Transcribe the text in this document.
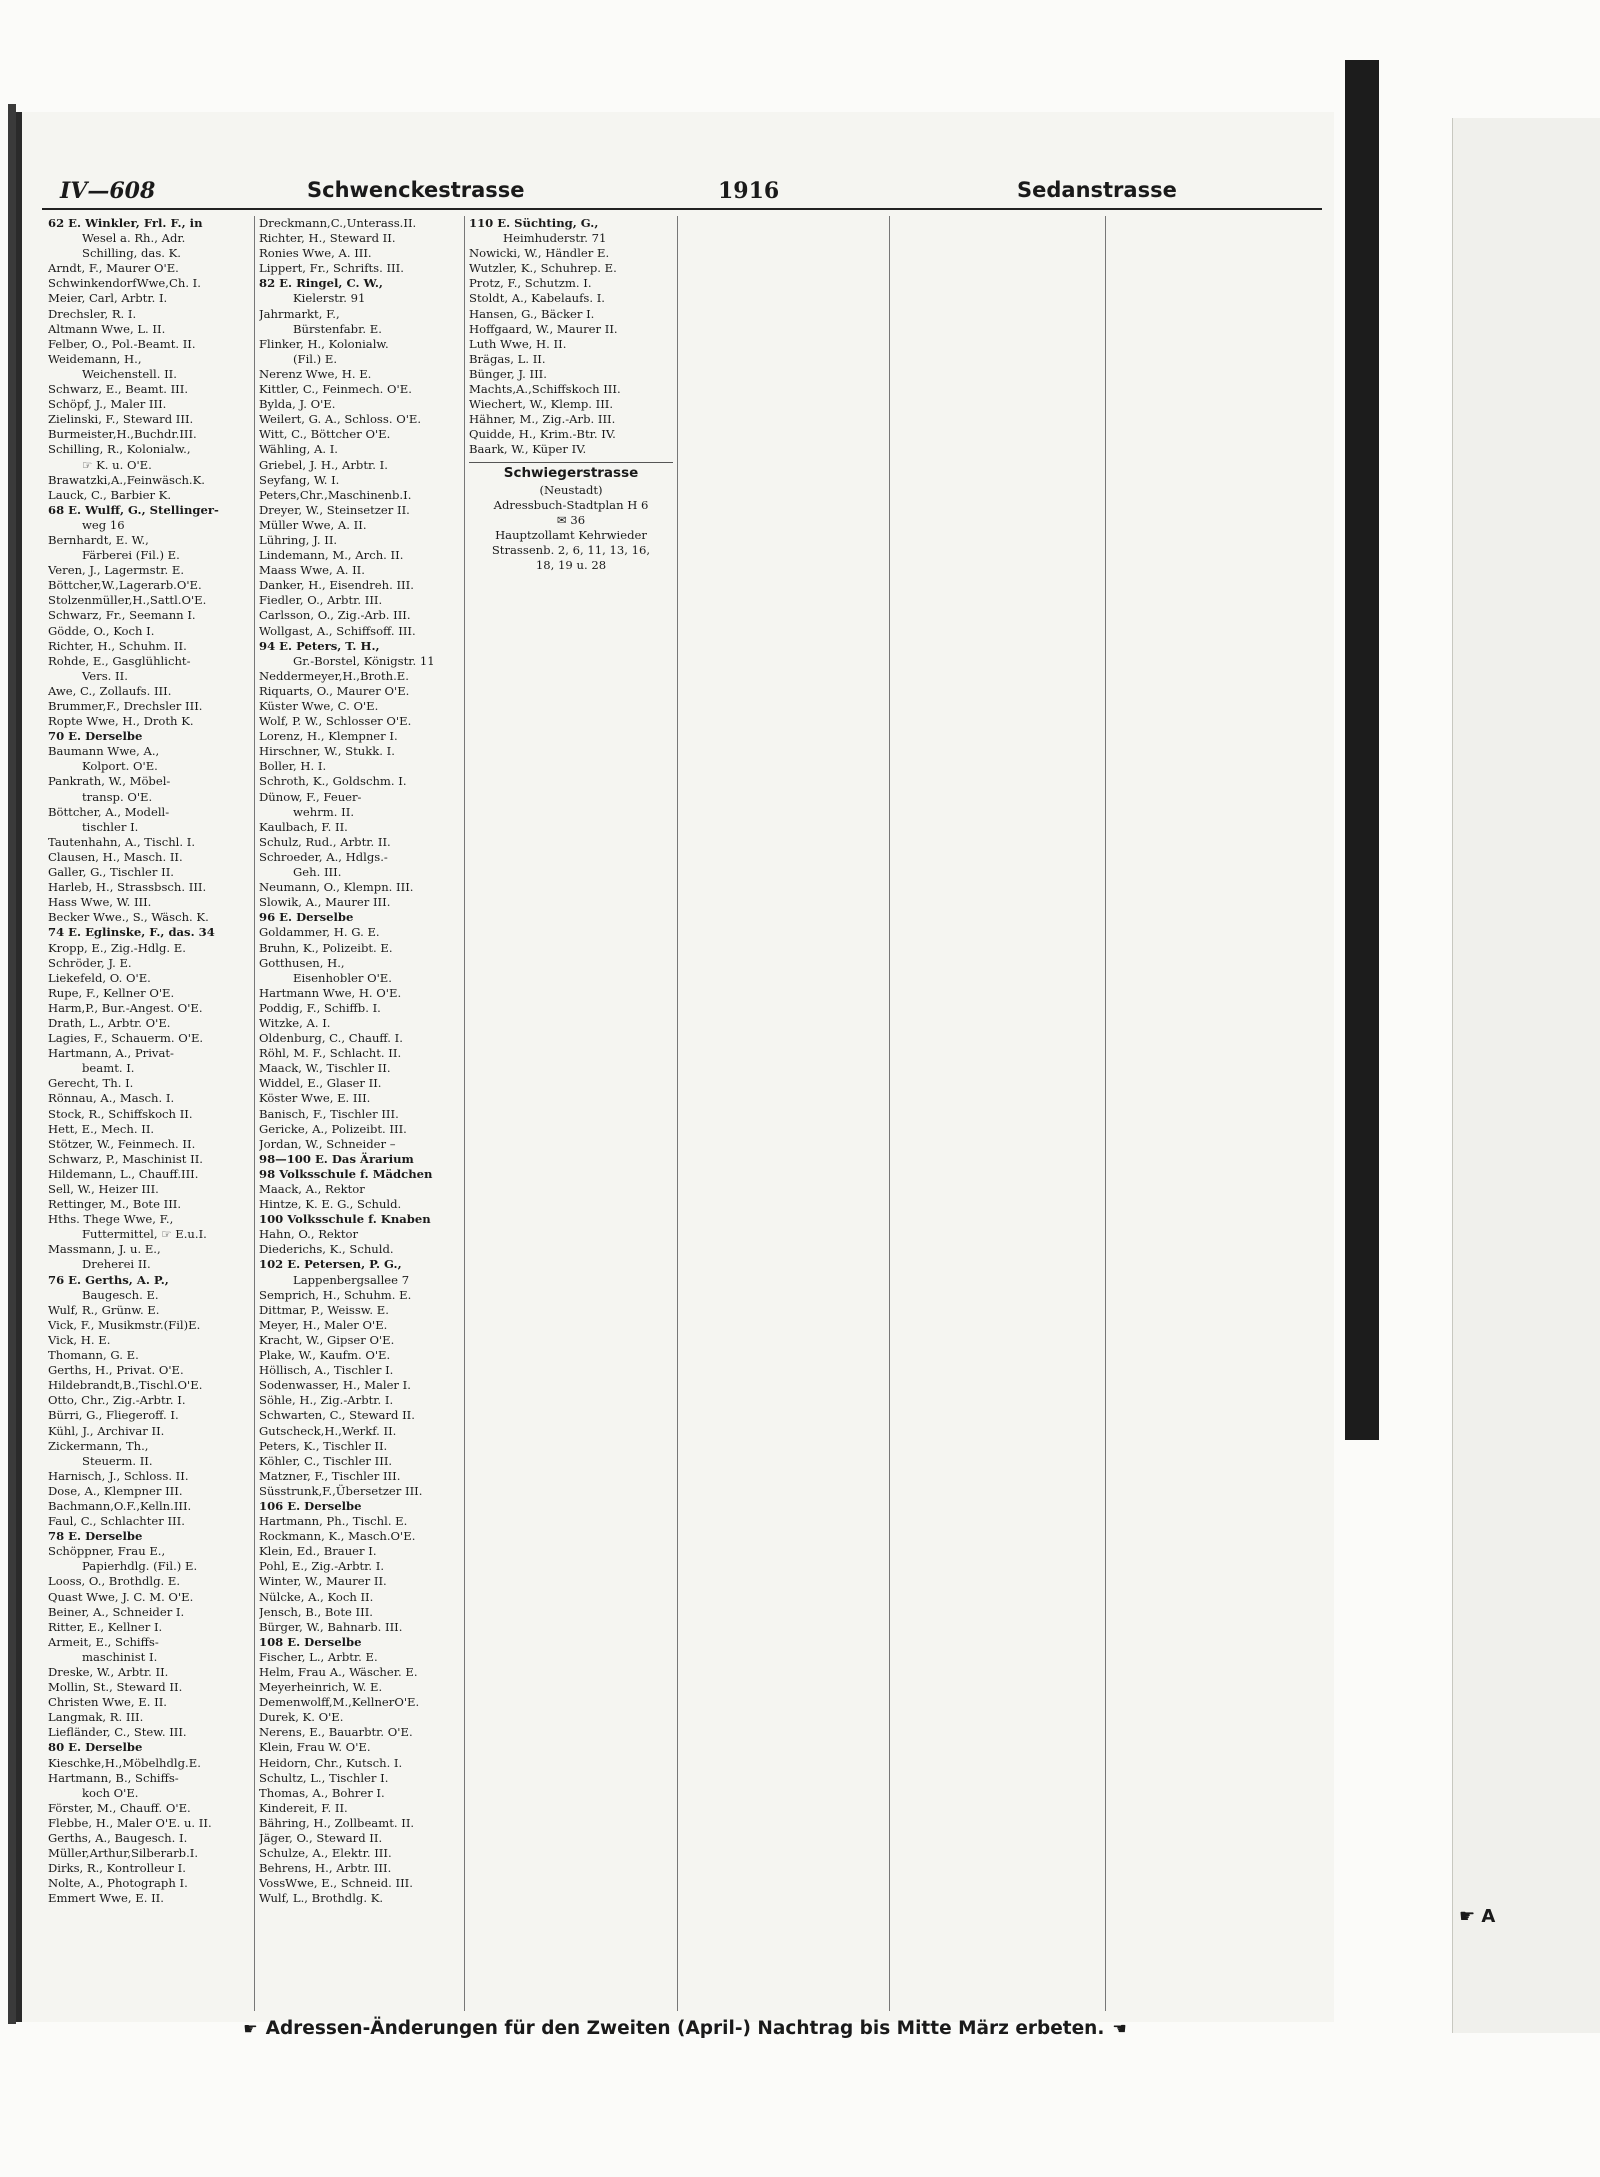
☛ A
IV—608	Schwenckestrasse	1916	Sedanstrasse
62 E. Winkler, Frl. F., in
Wesel a. Rh., Adr.
Schilling, das. K.
Arndt, F., Maurer O'E.
SchwinkendorfWwe,Ch. I.
Meier, Carl, Arbtr. I.
Drechsler, R. I.
Altmann Wwe, L. II.
Felber, O., Pol.-Beamt. II.
Weidemann, H.,
Weichenstell. II.
Schwarz, E., Beamt. III.
Schöpf, J., Maler III.
Zielinski, F., Steward III.
Burmeister,H.,Buchdr.III.
Schilling, R., Kolonialw.,
☞ K. u. O'E.
Brawatzki,A.,Feinwäsch.K.
Lauck, C., Barbier K.
68 E. Wulff, G., Stellinger-
weg 16
Bernhardt, E. W.,
Färberei (Fil.) E.
Veren, J., Lagermstr. E.
Böttcher,W.,Lagerarb.O'E.
Stolzenmüller,H.,Sattl.O'E.
Schwarz, Fr., Seemann I.
Gödde, O., Koch I.
Richter, H., Schuhm. II.
Rohde, E., Gasglühlicht-
Vers. II.
Awe, C., Zollaufs. III.
Brummer,F., Drechsler III.
Ropte Wwe, H., Droth K.
70 E. Derselbe
Baumann Wwe, A.,
Kolport. O'E.
Pankrath, W., Möbel-
transp. O'E.
Böttcher, A., Modell-
tischler I.
Tautenhahn, A., Tischl. I.
Clausen, H., Masch. II.
Galler, G., Tischler II.
Harleb, H., Strassbsch. III.
Hass Wwe, W. III.
Becker Wwe., S., Wäsch. K.
74 E. Eglinske, F., das. 34
Kropp, E., Zig.-Hdlg. E.
Schröder, J. E.
Liekefeld, O. O'E.
Rupe, F., Kellner O'E.
Harm,P., Bur.-Angest. O'E.
Drath, L., Arbtr. O'E.
Lagies, F., Schauerm. O'E.
Hartmann, A., Privat-
beamt. I.
Gerecht, Th. I.
Rönnau, A., Masch. I.
Stock, R., Schiffskoch II.
Hett, E., Mech. II.
Stötzer, W., Feinmech. II.
Schwarz, P., Maschinist II.
Hildemann, L., Chauff.III.
Sell, W., Heizer III.
Rettinger, M., Bote III.
Hths. Thege Wwe, F.,
Futtermittel, ☞ E.u.I.
Massmann, J. u. E.,
Dreherei II.
76 E. Gerths, A. P.,
Baugesch. E.
Wulf, R., Grünw. E.
Vick, F., Musikmstr.(Fil)E.
Vick, H. E.
Thomann, G. E.
Gerths, H., Privat. O'E.
Hildebrandt,B.,Tischl.O'E.
Otto, Chr., Zig.-Arbtr. I.
Bürri, G., Fliegeroff. I.
Kühl, J., Archivar II.
Zickermann, Th.,
Steuerm. II.
Harnisch, J., Schloss. II.
Dose, A., Klempner III.
Bachmann,O.F.,Kelln.III.
Faul, C., Schlachter III.
78 E. Derselbe
Schöppner, Frau E.,
Papierhdlg. (Fil.) E.
Looss, O., Brothdlg. E.
Quast Wwe, J. C. M. O'E.
Beiner, A., Schneider I.
Ritter, E., Kellner I.
Armeit, E., Schiffs-
maschinist I.
Dreske, W., Arbtr. II.
Mollin, St., Steward II.
Christen Wwe, E. II.
Langmak, R. III.
Liefländer, C., Stew. III.
80 E. Derselbe
Kieschke,H.,Möbelhdlg.E.
Hartmann, B., Schiffs-
koch O'E.
Förster, M., Chauff. O'E.
Flebbe, H., Maler O'E. u. II.
Gerths, A., Baugesch. I.
Müller,Arthur,Silberarb.I.
Dirks, R., Kontrolleur I.
Nolte, A., Photograph I.
Emmert Wwe, E. II.
Dreckmann,C.,Unterass.II.
Richter, H., Steward II.
Ronies Wwe, A. III.
Lippert, Fr., Schrifts. III.
82 E. Ringel, C. W.,
Kielerstr. 91
Jahrmarkt, F.,
Bürstenfabr. E.
Flinker, H., Kolonialw.
(Fil.) E.
Nerenz Wwe, H. E.
Kittler, C., Feinmech. O'E.
Bylda, J. O'E.
Weilert, G. A., Schloss. O'E.
Witt, C., Böttcher O'E.
Wähling, A. I.
Griebel, J. H., Arbtr. I.
Seyfang, W. I.
Peters,Chr.,Maschinenb.I.
Dreyer, W., Steinsetzer II.
Müller Wwe, A. II.
Lühring, J. II.
Lindemann, M., Arch. II.
Maass Wwe, A. II.
Danker, H., Eisendreh. III.
Fiedler, O., Arbtr. III.
Carlsson, O., Zig.-Arb. III.
Wollgast, A., Schiffsoff. III.
94 E. Peters, T. H.,
Gr.-Borstel, Königstr. 11
Neddermeyer,H.,Broth.E.
Riquarts, O., Maurer O'E.
Küster Wwe, C. O'E.
Wolf, P. W., Schlosser O'E.
Lorenz, H., Klempner I.
Hirschner, W., Stukk. I.
Boller, H. I.
Schroth, K., Goldschm. I.
Dünow, F., Feuer-
wehrm. II.
Kaulbach, F. II.
Schulz, Rud., Arbtr. II.
Schroeder, A., Hdlgs.-
Geh. III.
Neumann, O., Klempn. III.
Slowik, A., Maurer III.
96 E. Derselbe
Goldammer, H. G. E.
Bruhn, K., Polizeibt. E.
Gotthusen, H.,
Eisenhobler O'E.
Hartmann Wwe, H. O'E.
Poddig, F., Schiffb. I.
Witzke, A. I.
Oldenburg, C., Chauff. I.
Röhl, M. F., Schlacht. II.
Maack, W., Tischler II.
Widdel, E., Glaser II.
Köster Wwe, E. III.
Banisch, F., Tischler III.
Gericke, A., Polizeibt. III.
Jordan, W., Schneider –
98—100 E. Das Ärarium
98 Volksschule f. Mädchen
Maack, A., Rektor
Hintze, K. E. G., Schuld.
100 Volksschule f. Knaben
Hahn, O., Rektor
Diederichs, K., Schuld.
102 E. Petersen, P. G.,
Lappenbergsallee 7
Semprich, H., Schuhm. E.
Dittmar, P., Weissw. E.
Meyer, H., Maler O'E.
Kracht, W., Gipser O'E.
Plake, W., Kaufm. O'E.
Höllisch, A., Tischler I.
Sodenwasser, H., Maler I.
Söhle, H., Zig.-Arbtr. I.
Schwarten, C., Steward II.
Gutscheck,H.,Werkf. II.
Peters, K., Tischler II.
Köhler, C., Tischler III.
Matzner, F., Tischler III.
Süsstrunk,F.,Übersetzer III.
106 E. Derselbe
Hartmann, Ph., Tischl. E.
Rockmann, K., Masch.O'E.
Klein, Ed., Brauer I.
Pohl, E., Zig.-Arbtr. I.
Winter, W., Maurer II.
Nülcke, A., Koch II.
Jensch, B., Bote III.
Bürger, W., Bahnarb. III.
108 E. Derselbe
Fischer, L., Arbtr. E.
Helm, Frau A., Wäscher. E.
Meyerheinrich, W. E.
Demenwolff,M.,KellnerO'E.
Durek, K. O'E.
Nerens, E., Bauarbtr. O'E.
Klein, Frau W. O'E.
Heidorn, Chr., Kutsch. I.
Schultz, L., Tischler I.
Thomas, A., Bohrer I.
Kindereit, F. II.
Bähring, H., Zollbeamt. II.
Jäger, O., Steward II.
Schulze, A., Elektr. III.
Behrens, H., Arbtr. III.
VossWwe, E., Schneid. III.
Wulf, L., Brothdlg. K.
110 E. Süchting, G.,
Heimhuderstr. 71
Nowicki, W., Händler E.
Wutzler, K., Schuhrep. E.
Protz, F., Schutzm. I.
Stoldt, A., Kabelaufs. I.
Hansen, G., Bäcker I.
Hoffgaard, W., Maurer II.
Luth Wwe, H. II.
Brägas, L. II.
Bünger, J. III.
Machts,A.,Schiffskoch III.
Wiechert, W., Klemp. III.
Hähner, M., Zig.-Arb. III.
Quidde, H., Krim.-Btr. IV.
Baark, W., Küper IV.
Schwiegerstrasse
(Neustadt)
Adressbuch-Stadtplan H 6
✉ 36
Hauptzollamt Kehrwieder
Strassenb. 2, 6, 11, 13, 16,
18, 19 u. 28
☛ Adressen-Änderungen für den Zweiten (April-) Nachtrag bis Mitte März erbeten. ☚
